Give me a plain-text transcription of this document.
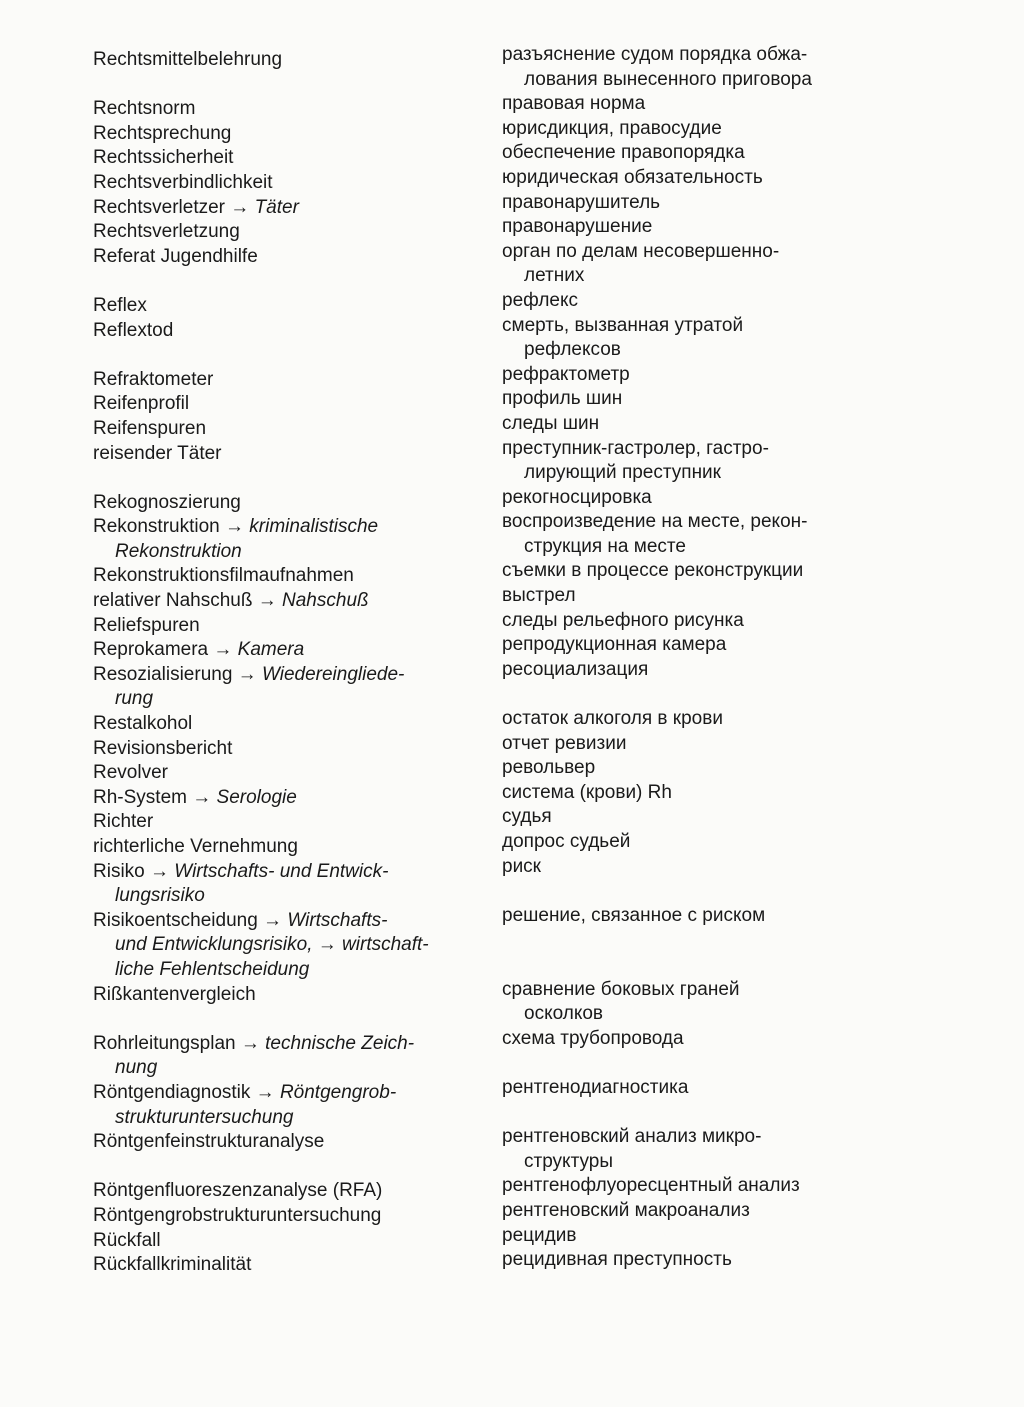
Rechtsmittelbelehrung
Rechtsnorm
Rechtsprechung
Rechtssicherheit
Rechtsverbindlichkeit
Rechtsverletzer → Täter
Rechtsverletzung
Referat Jugendhilfe
Reflex
Reflextod
Refraktometer
Reifenprofil
Reifenspuren
reisender Täter
Rekognoszierung
Rekonstruktion → kriminalistische
Rekonstruktion
Rekonstruktionsfilmaufnahmen
relativer Nahschuß → Nahschuß
Reliefspuren
Reprokamera → Kamera
Resozialisierung → Wiedereingliede-
rung
Restalkohol
Revisionsbericht
Revolver
Rh-System → Serologie
Richter
richterliche Vernehmung
Risiko → Wirtschafts- und Entwick-
lungsrisiko
Risikoentscheidung → Wirtschafts-
und Entwicklungsrisiko, → wirtschaft-
liche Fehlentscheidung
Rißkantenvergleich
Rohrleitungsplan → technische Zeich-
nung
Röntgendiagnostik → Röntgengrob-
strukturuntersuchung
Röntgenfeinstrukturanalyse
Röntgenfluoreszenzanalyse (RFA)
Röntgengrobstrukturuntersuchung
Rückfall
Rückfallkriminalität
разъяснение судом порядка обжа-
лования вынесенного приговора
правовая норма
юрисдикция, правосудие
обеспечение правопорядка
юридическая обязательность
правонарушитель
правонарушение
орган по делам несовершенно-
летних
рефлекс
смерть, вызванная утратой
рефлексов
рефрактометр
профиль шин
следы шин
преступник-гастролер, гастро-
лирующий преступник
рекогносцировка
воспроизведение на месте, рекон-
струкция на месте
съемки в процессе реконструкции
выстрел
следы рельефного рисунка
репродукционная камера
ресоциализация
остаток алкоголя в крови
отчет ревизии
револьвер
система (крови) Rh
судья
допрос судьей
риск
решение, связанное с риском
сравнение боковых граней
осколков
схема трубопровода
рентгенодиагностика
рентгеновский анализ микро-
структуры
рентгенофлуоресцентный анализ
рентгеновский макроанализ
рецидив
рецидивная преступность
